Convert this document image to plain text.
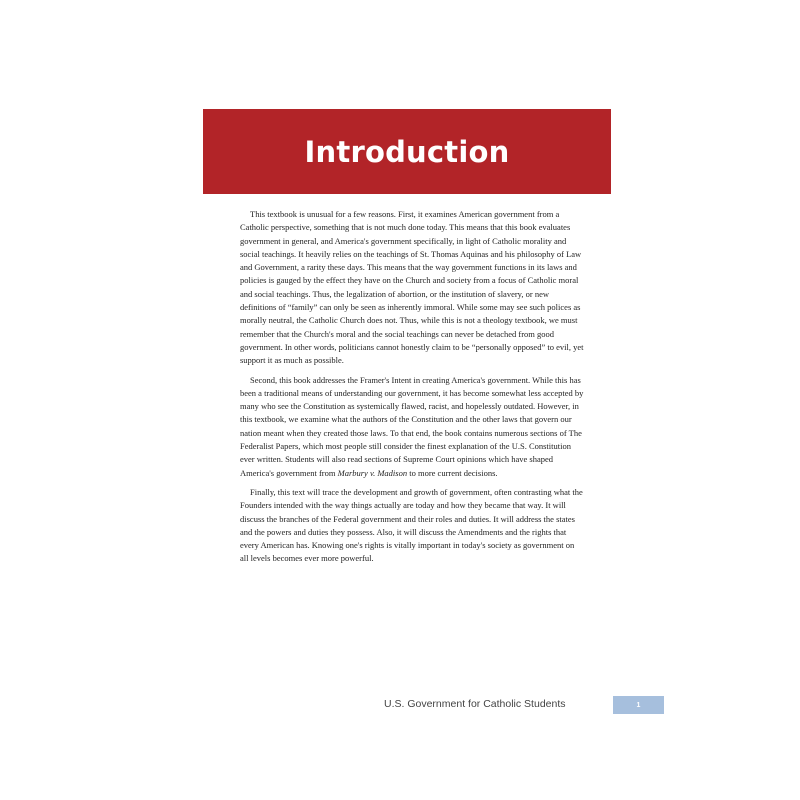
Introduction

This textbook is unusual for a few reasons. First, it examines American government from a Catholic perspective, something that is not much done today. This means that this book evaluates government in general, and America's government specifically, in light of Catholic morality and social teachings. It heavily relies on the teachings of St. Thomas Aquinas and his philosophy of Law and Government, a rarity these days. This means that the way government functions in its laws and policies is gauged by the effect they have on the Church and society from a focus of Catholic moral and social teachings. Thus, the legalization of abortion, or the institution of slavery, or new definitions of “family” can only be seen as inherently immoral. While some may see such polices as morally neutral, the Catholic Church does not. Thus, while this is not a theology textbook, we must remember that the Church's moral and the social teachings can never be detached from good government. In other words, politicians cannot honestly claim to be “personally opposed” to evil, yet support it as much as possible.

Second, this book addresses the Framer's Intent in creating America's government. While this has been a traditional means of understanding our government, it has become somewhat less accepted by many who see the Constitution as systemically flawed, racist, and hopelessly outdated. However, in this textbook, we examine what the authors of the Constitution and the other laws that govern our nation meant when they created those laws. To that end, the book contains numerous sections of The Federalist Papers, which most people still consider the finest explanation of the U.S. Constitution ever written. Students will also read sections of Supreme Court opinions which have shaped America's government from Marbury v. Madison to more current decisions.

Finally, this text will trace the development and growth of government, often contrasting what the Founders intended with the way things actually are today and how they became that way. It will discuss the branches of the Federal government and their roles and duties. It will address the states and the powers and duties they possess. Also, it will discuss the Amendments and the rights that every American has. Knowing one's rights is vitally important in today's society as government on all levels becomes ever more powerful.

U.S. Government for Catholic Students	1
